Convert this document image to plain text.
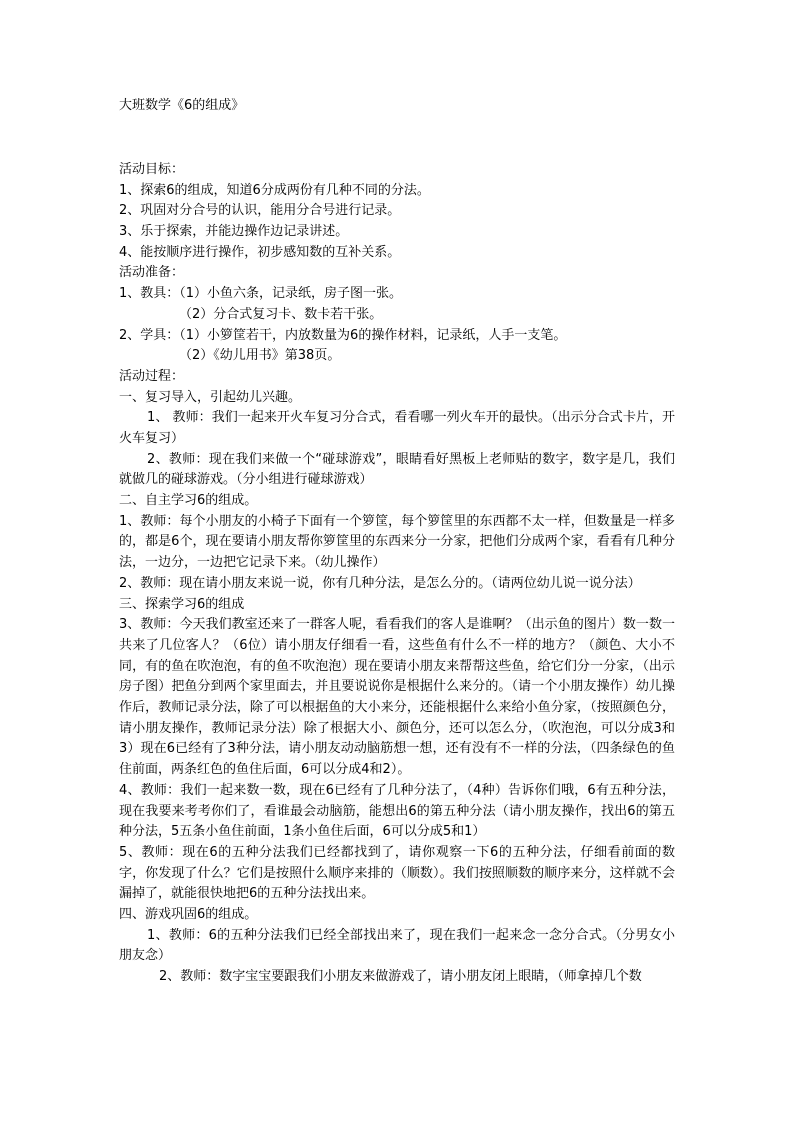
大班数学《6的组成》
活动目标：
1、探索6的组成，知道6分成两份有几种不同的分法。
2、巩固对分合号的认识，能用分合号进行记录。
3、乐于探索，并能边操作边记录讲述。
4、能按顺序进行操作，初步感知数的互补关系。
活动准备：
1、教具：（1）小鱼六条，记录纸，房子图一张。
（2）分合式复习卡、数卡若干张。
2、学具：（1）小箩筐若干，内放数量为6的操作材料，记录纸，人手一支笔。
（2）《幼儿用书》第38页。
活动过程：
一、复习导入，引起幼儿兴趣。
1、 教师：我们一起来开火车复习分合式，看看哪一列火车开的最快。（出示分合式卡片，开火车复习）
2、教师：现在我们来做一个“碰球游戏”，眼睛看好黑板上老师贴的数字，数字是几，我们就做几的碰球游戏。（分小组进行碰球游戏）
二、自主学习6的组成。
1、教师：每个小朋友的小椅子下面有一个箩筐，每个箩筐里的东西都不太一样，但数量是一样多的，都是6个，现在要请小朋友帮你箩筐里的东西来分一分家，把他们分成两个家，看看有几种分法，一边分，一边把它记录下来。（幼儿操作）
2、教师：现在请小朋友来说一说，你有几种分法，是怎么分的。（请两位幼儿说一说分法）
三、探索学习6的组成
3、教师：今天我们教室还来了一群客人呢，看看我们的客人是谁啊？（出示鱼的图片）数一数一共来了几位客人？（6位）请小朋友仔细看一看，这些鱼有什么不一样的地方？（颜色、大小不同，有的鱼在吹泡泡，有的鱼不吹泡泡）现在要请小朋友来帮帮这些鱼，给它们分一分家，（出示房子图）把鱼分到两个家里面去，并且要说说你是根据什么来分的。（请一个小朋友操作）幼儿操作后，教师记录分法，除了可以根据鱼的大小来分，还能根据什么来给小鱼分家，（按照颜色分，请小朋友操作，教师记录分法）除了根据大小、颜色分，还可以怎么分，（吹泡泡，可以分成3和3）现在6已经有了3种分法，请小朋友动动脑筋想一想，还有没有不一样的分法，（四条绿色的鱼住前面，两条红色的鱼住后面，6可以分成4和2）。
4、教师：我们一起来数一数，现在6已经有了几种分法了，（4种）告诉你们哦，6有五种分法，现在我要来考考你们了，看谁最会动脑筋，能想出6的第五种分法（请小朋友操作，找出6的第五种分法，5五条小鱼住前面，1条小鱼住后面，6可以分成5和1）
5、教师：现在6的五种分法我们已经都找到了，请你观察一下6的五种分法，仔细看前面的数字，你发现了什么？它们是按照什么顺序来排的（顺数）。我们按照顺数的顺序来分，这样就不会漏掉了，就能很快地把6的五种分法找出来。
四、游戏巩固6的组成。
1、教师：6的五种分法我们已经全部找出来了，现在我们一起来念一念分合式。（分男女小朋友念）
2、教师：数字宝宝要跟我们小朋友来做游戏了，请小朋友闭上眼睛，（师拿掉几个数
